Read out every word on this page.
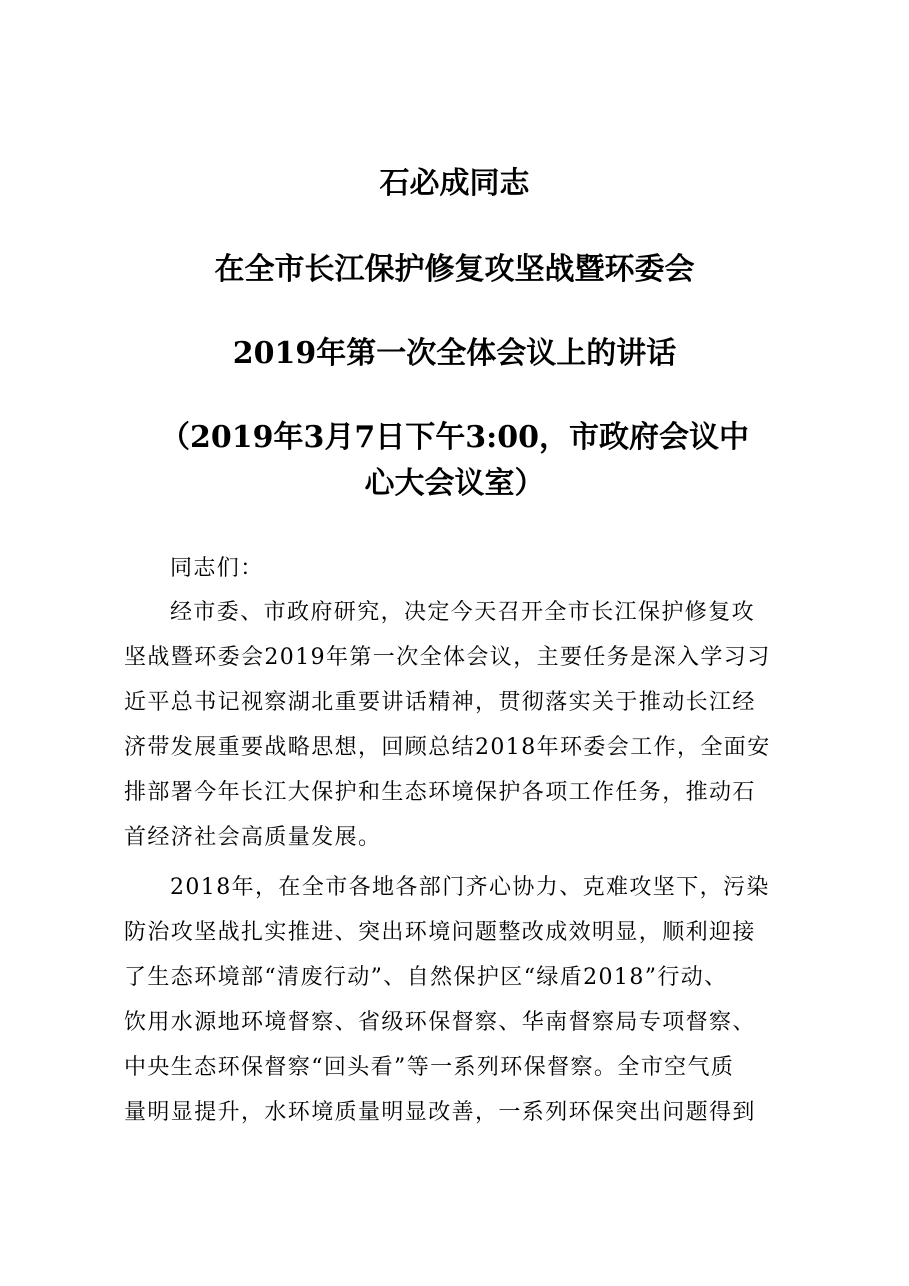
石必成同志
在全市长江保护修复攻坚战暨环委会
2019年第一次全体会议上的讲话
（2019年3月7日下午3:00，市政府会议中
心大会议室）

同志们：

经市委、市政府研究，决定今天召开全市长江保护修复攻
坚战暨环委会2019年第一次全体会议，主要任务是深入学习习
近平总书记视察湖北重要讲话精神，贯彻落实关于推动长江经
济带发展重要战略思想，回顾总结2018年环委会工作，全面安
排部署今年长江大保护和生态环境保护各项工作任务，推动石
首经济社会高质量发展。

2018年，在全市各地各部门齐心协力、克难攻坚下，污染
防治攻坚战扎实推进、突出环境问题整改成效明显，顺利迎接
了生态环境部“清废行动”、自然保护区“绿盾2018”行动、
饮用水源地环境督察、省级环保督察、华南督察局专项督察、
中央生态环保督察“回头看”等一系列环保督察。全市空气质
量明显提升，水环境质量明显改善，一系列环保突出问题得到
